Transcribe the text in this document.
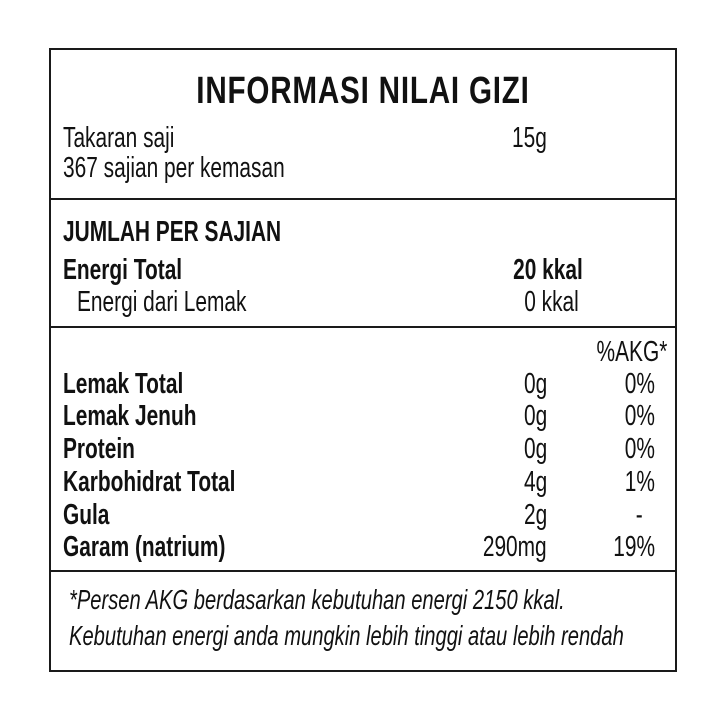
INFORMASI NILAI GIZI
Takaran saji	15g
367 sajian per kemasan
JUMLAH PER SAJIAN
Energi Total	20 kkal
Energi dari Lemak	0 kkal
%AKG*
Lemak Total	0g	0%
Lemak Jenuh	0g	0%
Protein	0g	0%
Karbohidrat Total	4g	1%
Gula	2g	-
Garam (natrium)	290mg 19%
*Persen AKG berdasarkan kebutuhan energi 2150 kkal.
Kebutuhan energi anda mungkin lebih tinggi atau lebih rendah
